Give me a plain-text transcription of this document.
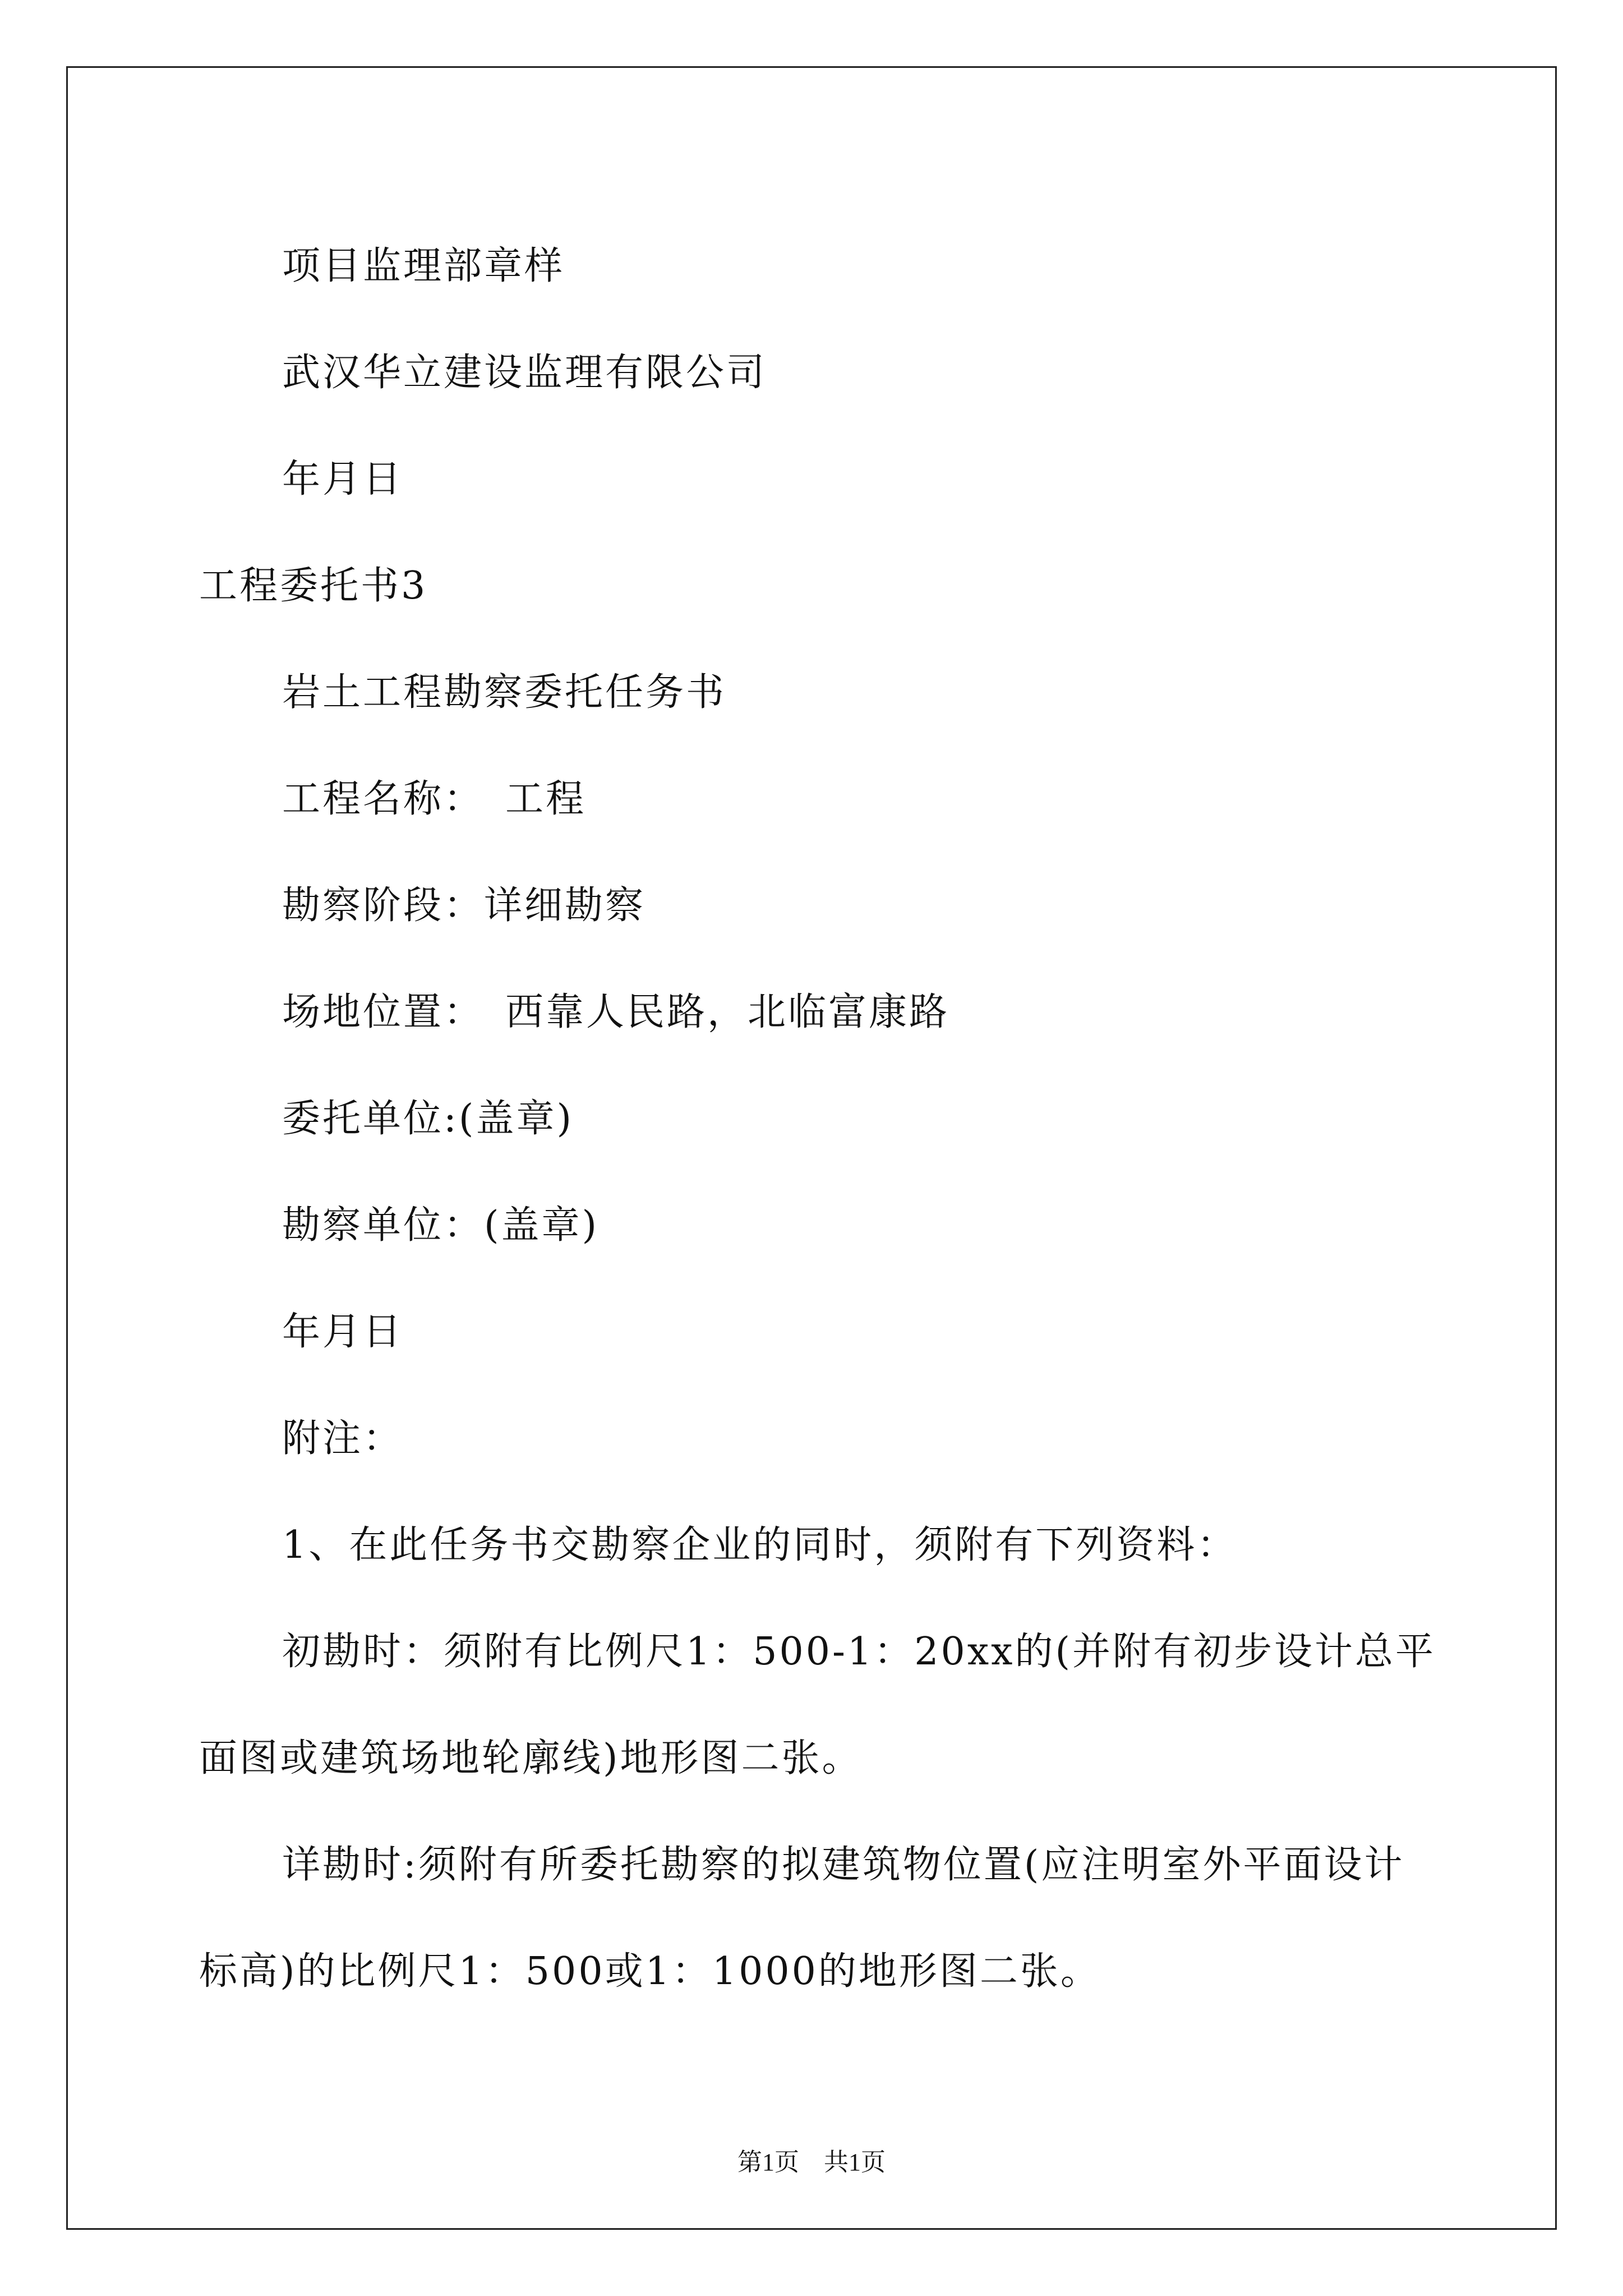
项目监理部章样
武汉华立建设监理有限公司
年月日
工程委托书3
岩土工程勘察委托任务书
工程名称：　工程
勘察阶段：详细勘察
场地位置：　西靠人民路，北临富康路
委托单位:(盖章)
勘察单位：(盖章)
年月日
附注：
1、在此任务书交勘察企业的同时，须附有下列资料：
初勘时：须附有比例尺1：500-1：20xx的(并附有初步设计总平
面图或建筑场地轮廓线)地形图二张。
详勘时:须附有所委托勘察的拟建筑物位置(应注明室外平面设计
标高)的比例尺1：500或1：1000的地形图二张。
第1页　共1页
